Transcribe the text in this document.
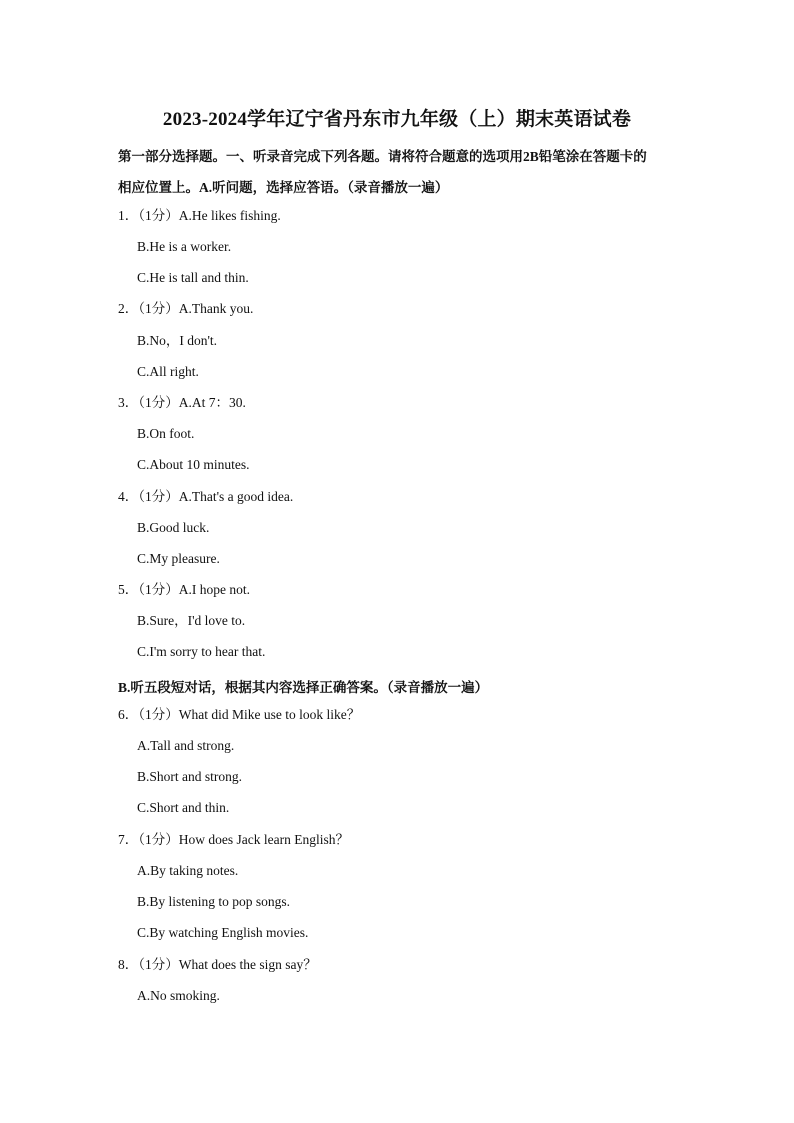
2023-2024学年辽宁省丹东市九年级（上）期末英语试卷
第一部分选择题。一、听录音完成下列各题。请将符合题意的选项用2B铅笔涂在答题卡的
相应位置上。A.听问题，选择应答语。（录音播放一遍）
1．（1分）A.He likes fishing.
B.He is a worker.
C.He is tall and thin.
2．（1分）A.Thank you.
B.No，I don't.
C.All right.
3．（1分）A.At 7：30.
B.On foot.
C.About 10 minutes.
4．（1分）A.That's a good idea.
B.Good luck.
C.My pleasure.
5．（1分）A.I hope not.
B.Sure，I'd love to.
C.I'm sorry to hear that.
B.听五段短对话，根据其内容选择正确答案。（录音播放一遍）
6．（1分）What did Mike use to look like？
A.Tall and strong.
B.Short and strong.
C.Short and thin.
7．（1分）How does Jack learn English？
A.By taking notes.
B.By listening to pop songs.
C.By watching English movies.
8．（1分）What does the sign say？
A.No smoking.
